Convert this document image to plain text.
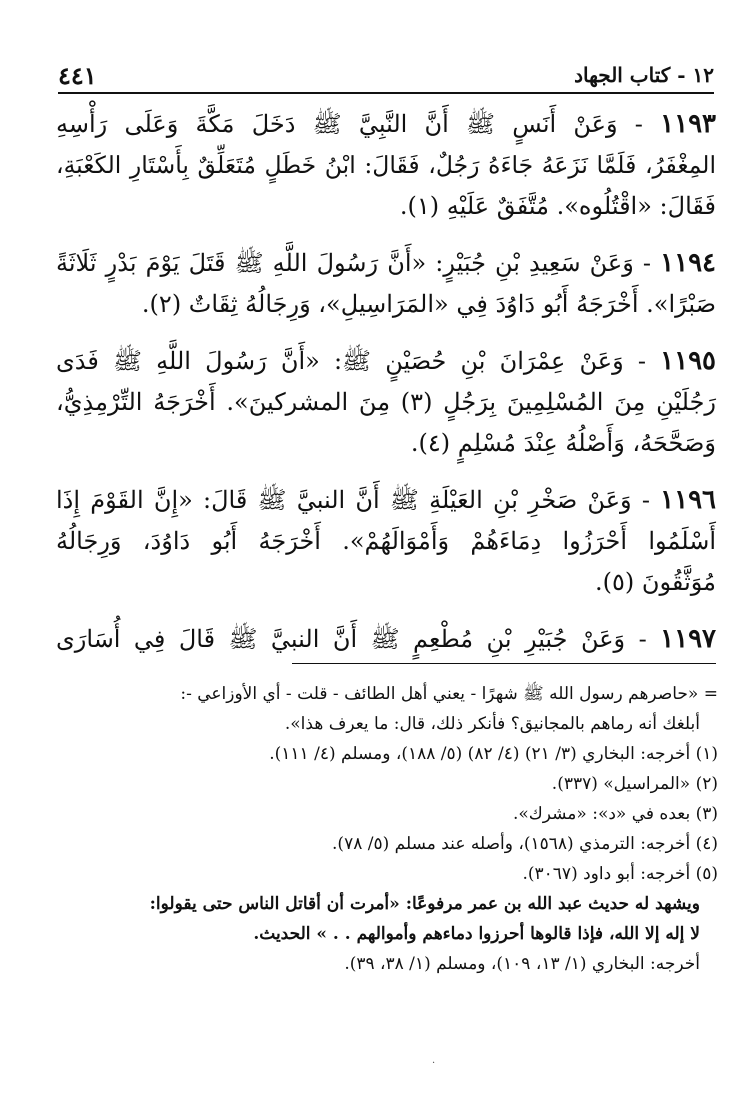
٤٤١	١٢ - كتاب الجهاد
١١٩٣ - وَعَنْ أَنَسٍ ﷺ أَنَّ النَّبِيَّ ﷺ دَخَلَ مَكَّةَ وَعَلَى رَأْسِهِ
المِغْفَرُ، فَلَمَّا نَزَعَهُ جَاءَهُ رَجُلٌ، فَقَالَ: ابْنُ خَطَلٍ مُتَعَلِّقٌ بِأَسْتَارِ الكَعْبَةِ،
فَقَالَ: «اقْتُلُوه». مُتَّفَقٌ عَلَيْهِ (١).
١١٩٤ - وَعَنْ سَعِيدِ بْنِ جُبَيْرٍ: «أَنَّ رَسُولَ اللَّهِ ﷺ قَتَلَ يَوْمَ بَدْرٍ ثَلَاثَةً
صَبْرًا». أَخْرَجَهُ أَبُو دَاوُدَ فِي «المَرَاسِيلِ»، وَرِجَالُهُ ثِقَاتٌ (٢).
١١٩٥ - وَعَنْ عِمْرَانَ بْنِ حُصَيْنٍ ﷺ: «أَنَّ رَسُولَ اللَّهِ ﷺ فَدَى
رَجُلَيْنِ مِنَ المُسْلِمِينَ بِرَجُلٍ (٣) مِنَ المشركينَ». أَخْرَجَهُ التِّرْمِذِيُّ،
وَصَحَّحَهُ، وَأَصْلُهُ عِنْدَ مُسْلِمٍ (٤).
١١٩٦ - وَعَنْ صَخْرِ بْنِ العَيْلَةِ ﷺ أَنَّ النبيَّ ﷺ قَالَ: «إِنَّ القَوْمَ إِذَا
أَسْلَمُوا أَحْرَزُوا دِمَاءَهُمْ وَأَمْوَالَهُمْ». أَخْرَجَهُ أَبُو دَاوُدَ، وَرِجَالُهُ
مُوَثَّقُونَ (٥).
١١٩٧ - وَعَنْ جُبَيْرِ بْنِ مُطْعِمٍ ﷺ أَنَّ النبيَّ ﷺ قَالَ فِي أُسَارَى
= «حاصرهم رسول الله ﷺ شهرًا - يعني أهل الطائف - قلت - أي الأوزاعي -:
أبلغك أنه رماهم بالمجانيق؟ فأنكر ذلك، قال: ما يعرف هذا».
(١) أخرجه: البخاري (٣/ ٢١) (٤/ ٨٢) (٥/ ١٨٨)، ومسلم (٤/ ١١١).
(٢) «المراسيل» (٣٣٧).
(٣) بعده في «د»: «مشرك».
(٤) أخرجه: الترمذي (١٥٦٨)، وأصله عند مسلم (٥/ ٧٨).
(٥) أخرجه: أبو داود (٣٠٦٧).
ويشهد له حديث عبد الله بن عمر مرفوعًا: «أمرت أن أقاتل الناس حتى يقولوا:
لا إله إلا الله، فإذا قالوها أحرزوا دماءهم وأموالهم . . » الحديث.
أخرجه: البخاري (١/ ١٣، ١٠٩)، ومسلم (١/ ٣٨، ٣٩).
·
